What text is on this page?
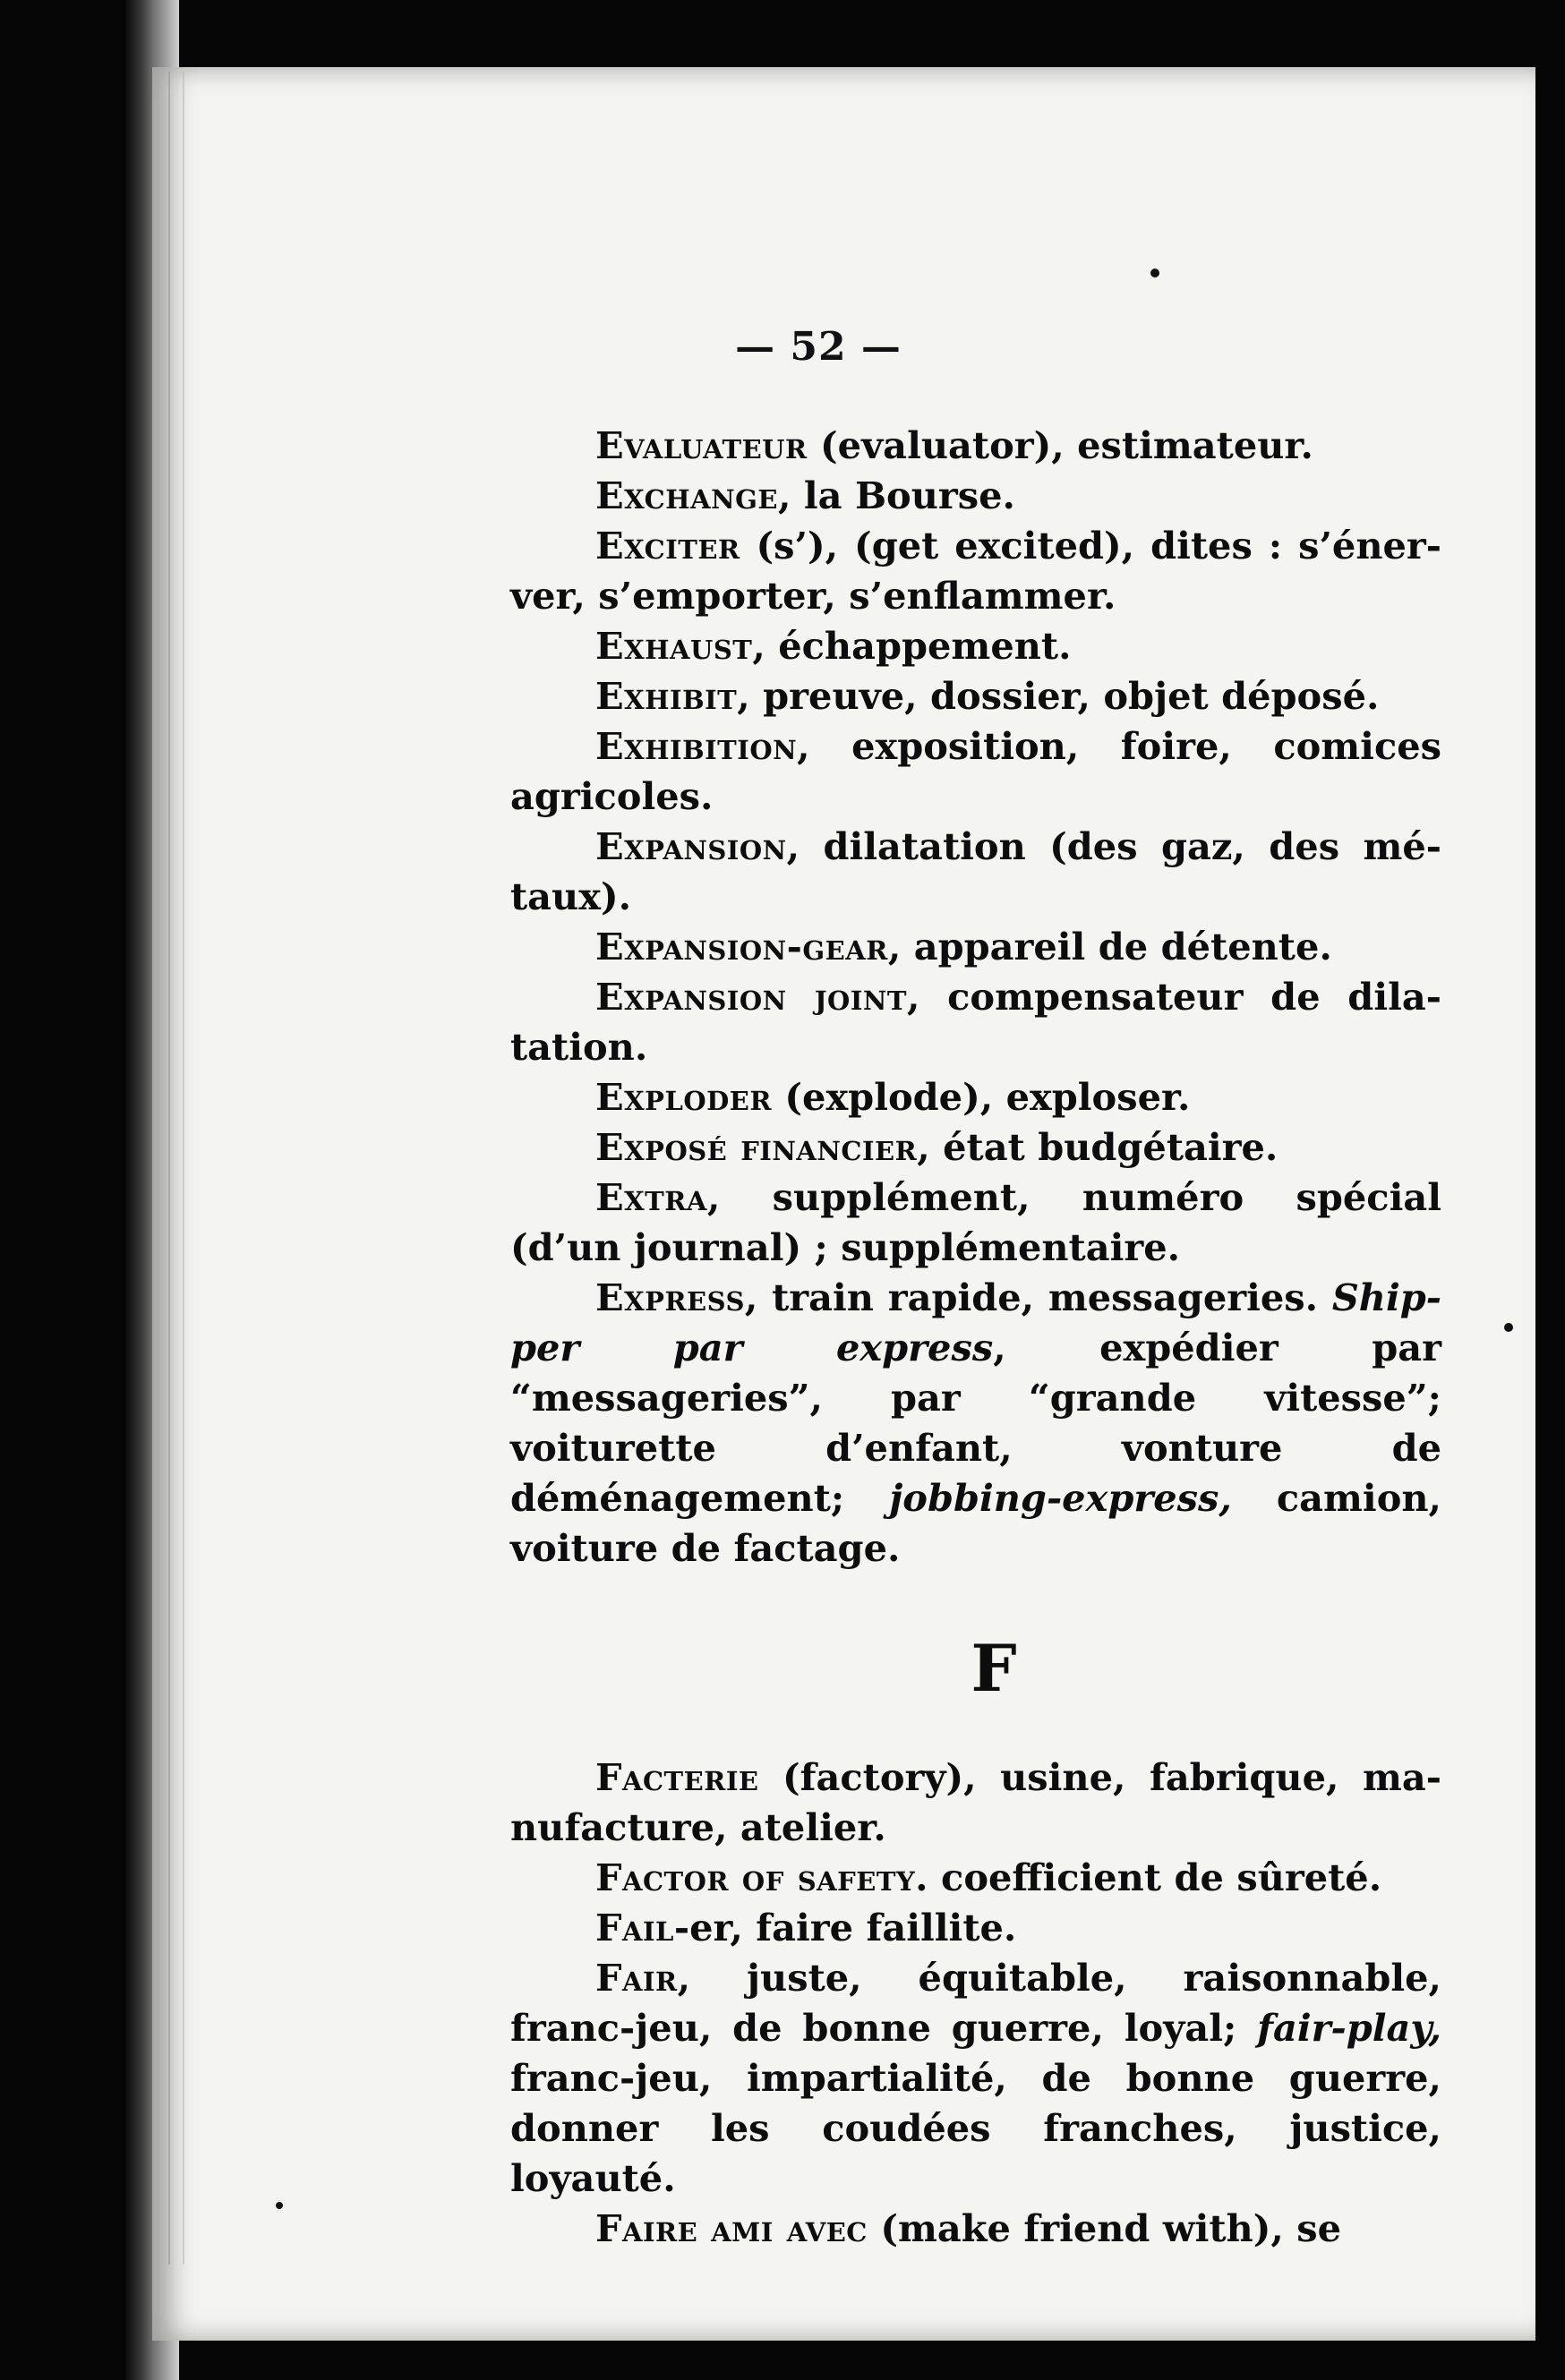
— 52 —

Evaluateur (evaluator), estimateur.

Exchange, la Bourse.

Exciter (s’), (get excited), dites : s’énerver, s’emporter, s’enflammer.

Exhaust, échappement.

Exhibit, preuve, dossier, objet déposé.

Exhibition, exposition, foire, comices agricoles.

Expansion, dilatation (des gaz, des métaux).

Expansion-gear, appareil de détente.

Expansion joint, compensateur de dilatation.

Exploder (explode), exploser.

Exposé financier, état budgétaire.

Extra, supplément, numéro spécial (d’un journal) ; supplémentaire.

Express, train rapide, messageries. Shipper par express, expédier par “messageries”, par “grande vitesse”; voiturette d’enfant, vonture de déménagement; jobbing-express, camion, voiture de factage.

F

Facterie (factory), usine, fabrique, manufacture, atelier.

Factor of safety. coefficient de sûreté.

Fail-er, faire faillite.

Fair, juste, équitable, raisonnable, franc-jeu, de bonne guerre, loyal; fair-play, franc-jeu, impartialité, de bonne guerre, donner les coudées franches, justice, loyauté.

Faire ami avec (make friend with), se
